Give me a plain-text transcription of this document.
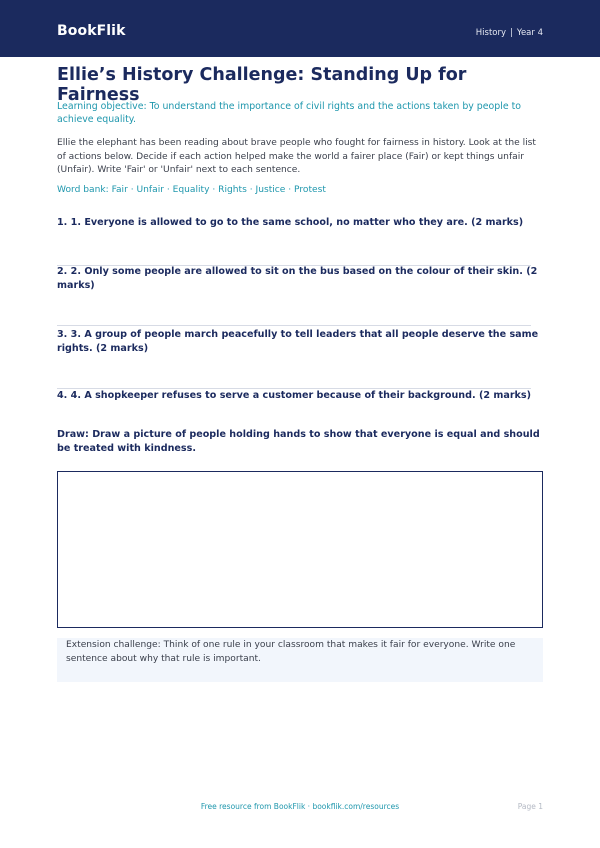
BookFlik	History | Year 4
Ellie’s History Challenge: Standing Up for Fairness
Learning objective: To understand the importance of civil rights and the actions taken by people to achieve equality.
Ellie the elephant has been reading about brave people who fought for fairness in history. Look at the list of actions below. Decide if each action helped make the world a fairer place (Fair) or kept things unfair (Unfair). Write 'Fair' or 'Unfair' next to each sentence.
Word bank: Fair · Unfair · Equality · Rights · Justice · Protest
1. 1. Everyone is allowed to go to the same school, no matter who they are. (2 marks)
2. 2. Only some people are allowed to sit on the bus based on the colour of their skin. (2 marks)
3. 3. A group of people march peacefully to tell leaders that all people deserve the same rights. (2 marks)
4. 4. A shopkeeper refuses to serve a customer because of their background. (2 marks)
Draw: Draw a picture of people holding hands to show that everyone is equal and should be treated with kindness.
Extension challenge: Think of one rule in your classroom that makes it fair for everyone. Write one sentence about why that rule is important.
Free resource from BookFlik · bookflik.com/resources	Page 1
